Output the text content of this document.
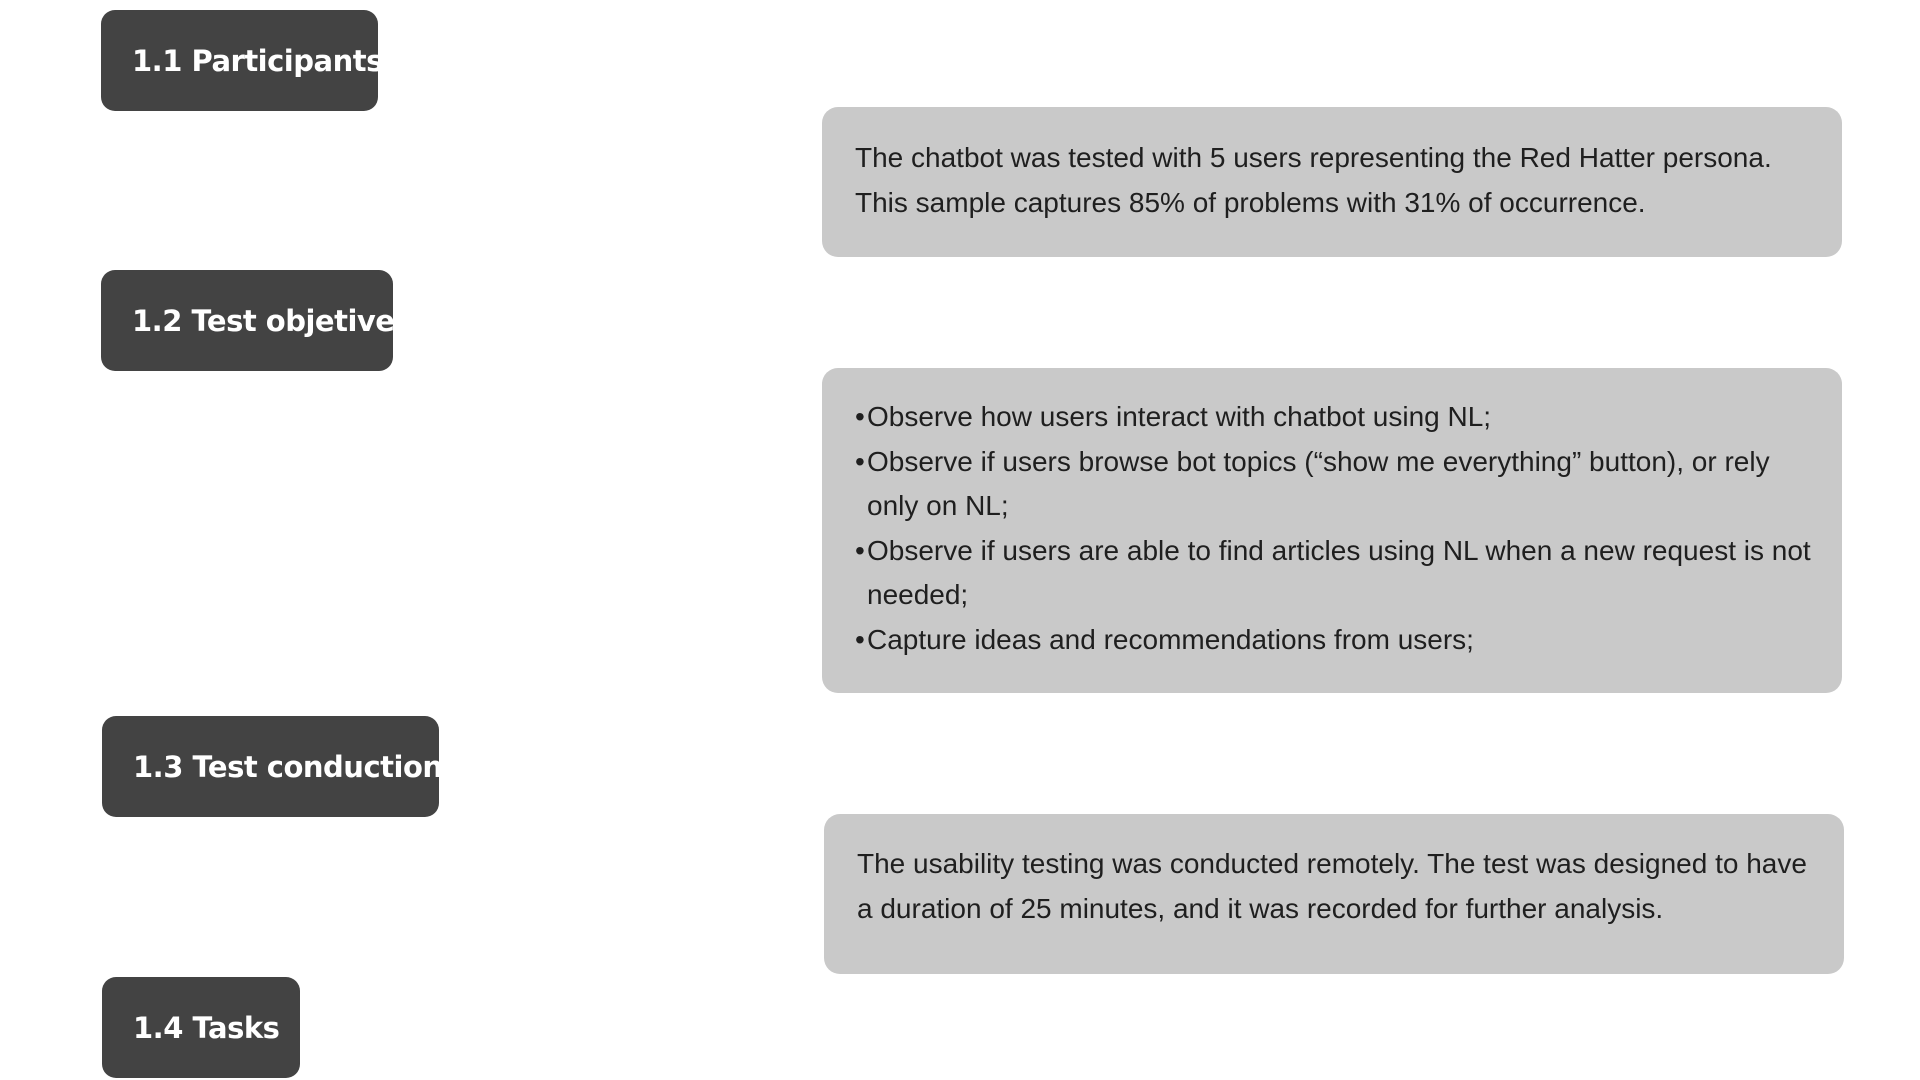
1.1 Participants
The chatbot was tested with 5 users representing the Red Hatter persona. This sample captures 85% of problems with 31% of occurrence.
1.2 Test objetive
• Observe how users interact with chatbot using NL;
• Observe if users browse bot topics (“show me everything” button), or rely only on NL;
• Observe if users are able to find articles using NL when a new request is not needed;
• Capture ideas and recommendations from users;
1.3 Test conduction
The usability testing was conducted remotely. The test was designed to have a duration of 25 minutes, and it was recorded for further analysis.
1.4 Tasks
